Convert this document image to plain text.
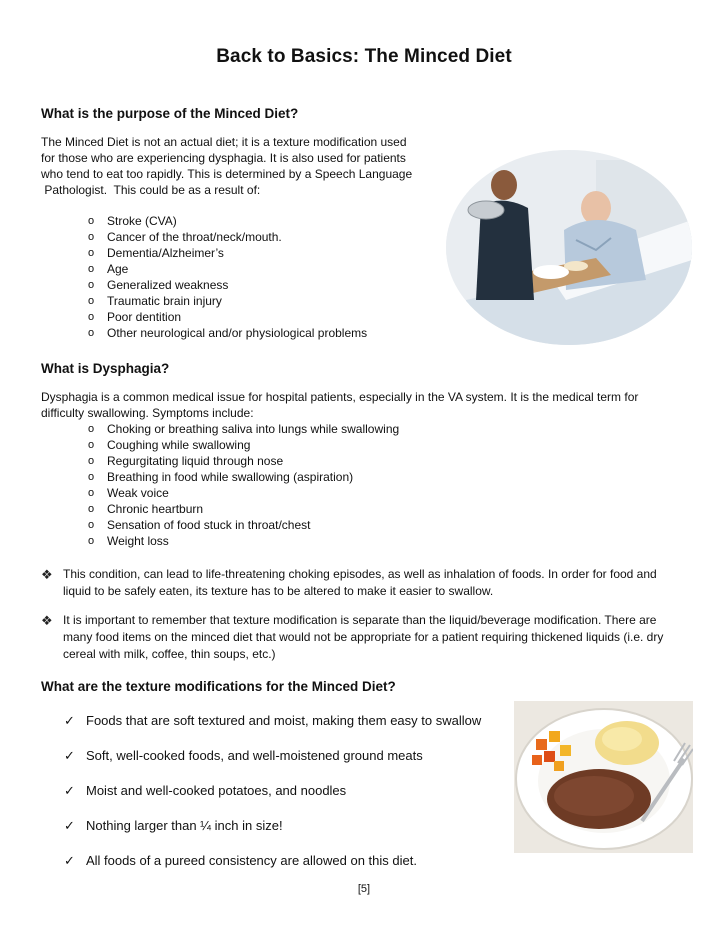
Back to Basics: The Minced Diet
What is the purpose of the Minced Diet?
The Minced Diet is not an actual diet; it is a texture modification used
for those who are experiencing dysphagia. It is also used for patients
who tend to eat too rapidly. This is determined by a Speech Language
Pathologist.  This could be as a result of:
o Stroke (CVA)
o Cancer of the throat/neck/mouth.
o Dementia/Alzheimer’s
o Age
o Generalized weakness
o Traumatic brain injury
o Poor dentition
o Other neurological and/or physiological problems
What is Dysphagia?
Dysphagia is a common medical issue for hospital patients, especially in the VA system. It is the medical term for
difficulty swallowing. Symptoms include:
o Choking or breathing saliva into lungs while swallowing
o Coughing while swallowing
o Regurgitating liquid through nose
o Breathing in food while swallowing (aspiration)
o Weak voice
o Chronic heartburn
o Sensation of food stuck in throat/chest
o Weight loss
❖ This condition, can lead to life-threatening choking episodes, as well as inhalation of foods. In order for food and
liquid to be safely eaten, its texture has to be altered to make it easier to swallow.
❖ It is important to remember that texture modification is separate than the liquid/beverage modification. There are
many food items on the minced diet that would not be appropriate for a patient requiring thickened liquids (i.e. dry
cereal with milk, coffee, thin soups, etc.)
What are the texture modifications for the Minced Diet?
✓ Foods that are soft textured and moist, making them easy to swallow
✓ Soft, well-cooked foods, and well-moistened ground meats
✓ Moist and well-cooked potatoes, and noodles
✓ Nothing larger than ¼ inch in size!
✓ All foods of a pureed consistency are allowed on this diet.
[5]
